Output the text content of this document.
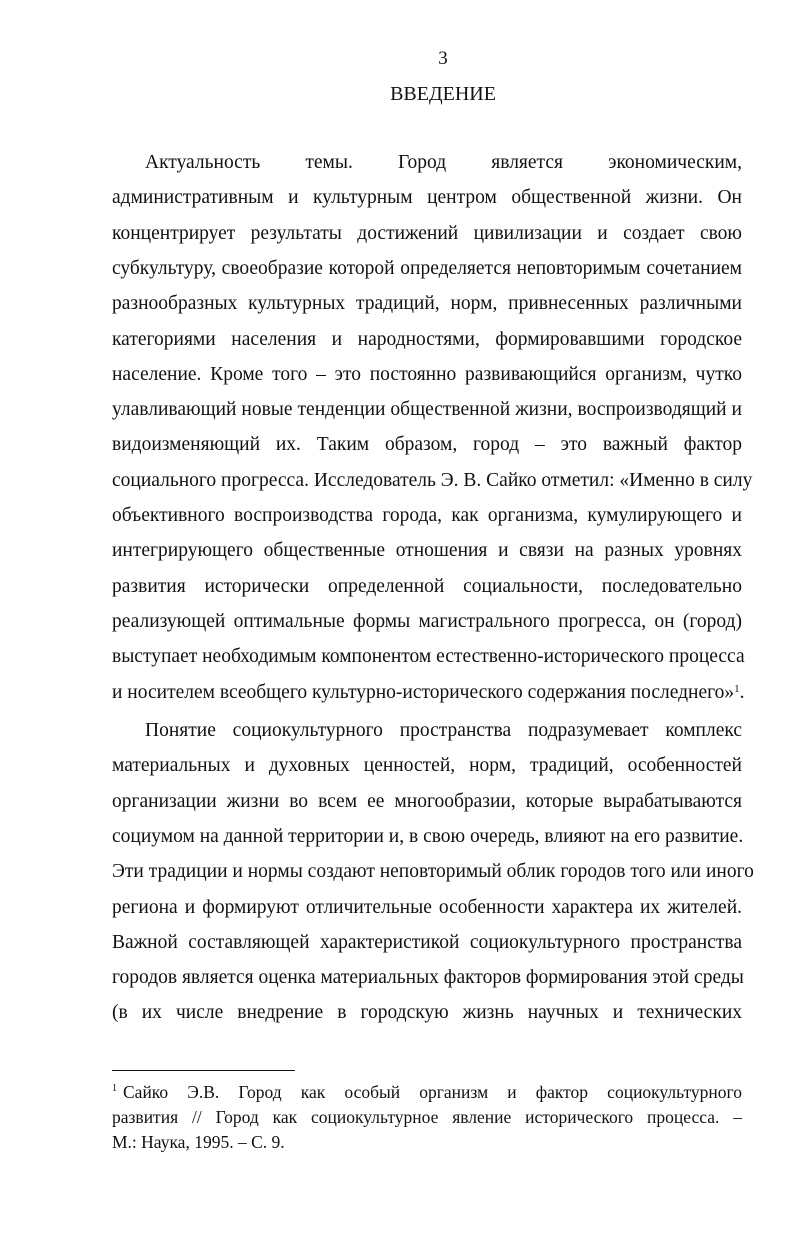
3
ВВЕДЕНИЕ
Актуальность темы. Город является экономическим,
административным и культурным центром общественной жизни. Он
концентрирует результаты достижений цивилизации и создает свою
субкультуру, своеобразие которой определяется неповторимым сочетанием
разнообразных культурных традиций, норм, привнесенных различными
категориями населения и народностями, формировавшими городское
население. Кроме того – это постоянно развивающийся организм, чутко
улавливающий новые тенденции общественной жизни, воспроизводящий и
видоизменяющий их. Таким образом, город – это важный фактор
социального прогресса. Исследователь Э. В. Сайко отметил: «Именно в силу
объективного воспроизводства города, как организма, кумулирующего и
интегрирующего общественные отношения и связи на разных уровнях
развития исторически определенной социальности, последовательно
реализующей оптимальные формы магистрального прогресса, он (город)
выступает необходимым компонентом естественно-исторического процесса
и носителем всеобщего культурно-исторического содержания последнего»$^1$.
Понятие социокультурного пространства подразумевает комплекс
материальных и духовных ценностей, норм, традиций, особенностей
организации жизни во всем ее многообразии, которые вырабатываются
социумом на данной территории и, в свою очередь, влияют на его развитие.
Эти традиции и нормы создают неповторимый облик городов того или иного
региона и формируют отличительные особенности характера их жителей.
Важной составляющей характеристикой социокультурного пространства
городов является оценка материальных факторов формирования этой среды
(в их числе внедрение в городскую жизнь научных и технических
$^1$ Сайко Э.В. Город как особый организм и фактор социокультурного
развития // Город как социокультурное явление исторического процесса. –
М.: Наука, 1995. – С. 9.
